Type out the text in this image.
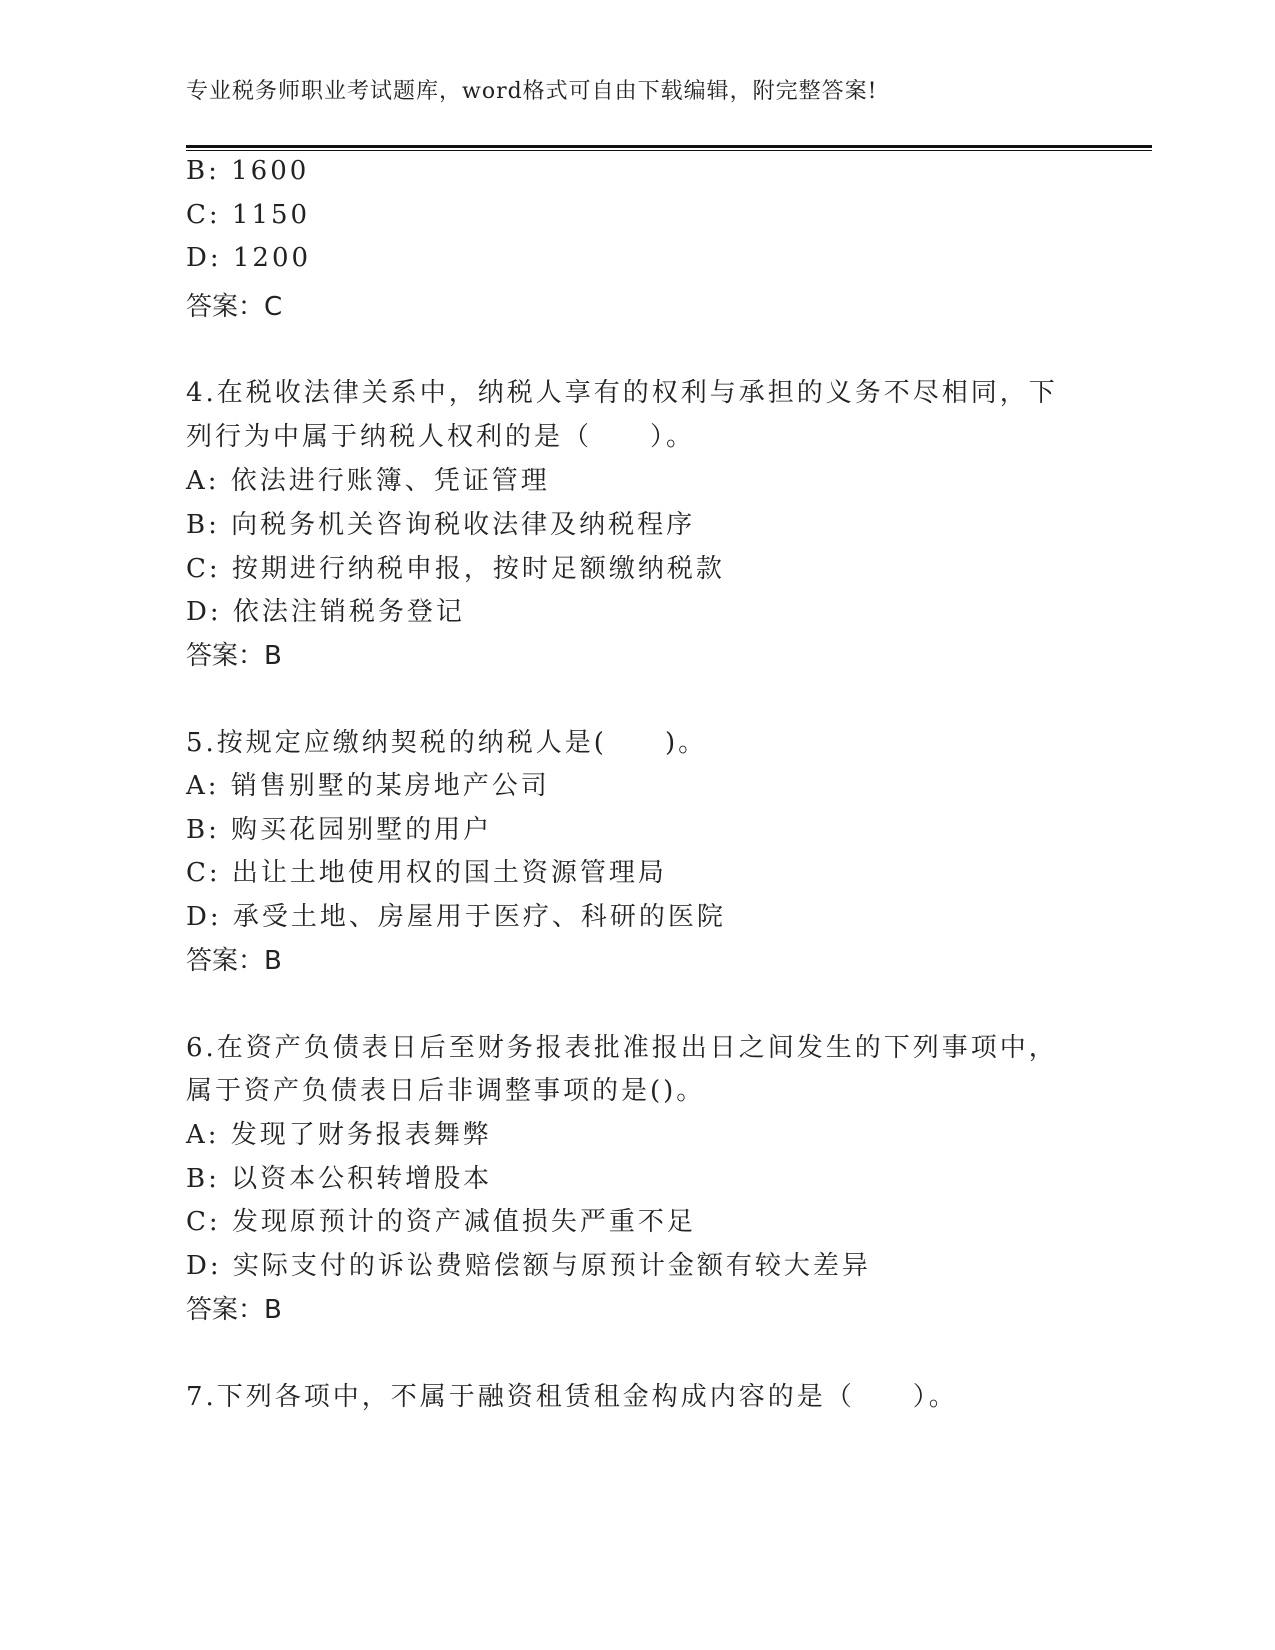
专业税务师职业考试题库，word格式可自由下载编辑，附完整答案!
B: 1600
C: 1150
D: 1200
答案：C
4.在税收法律关系中，纳税人享有的权利与承担的义务不尽相同，下
列行为中属于纳税人权利的是（　　）。
A: 依法进行账簿、凭证管理
B: 向税务机关咨询税收法律及纳税程序
C: 按期进行纳税申报，按时足额缴纳税款
D: 依法注销税务登记
答案：B
5.按规定应缴纳契税的纳税人是(　　)。
A: 销售别墅的某房地产公司
B: 购买花园别墅的用户
C: 出让土地使用权的国土资源管理局
D: 承受土地、房屋用于医疗、科研的医院
答案：B
6.在资产负债表日后至财务报表批准报出日之间发生的下列事项中，
属于资产负债表日后非调整事项的是()。
A: 发现了财务报表舞弊
B: 以资本公积转增股本
C: 发现原预计的资产减值损失严重不足
D: 实际支付的诉讼费赔偿额与原预计金额有较大差异
答案：B
7.下列各项中，不属于融资租赁租金构成内容的是（　　）。
